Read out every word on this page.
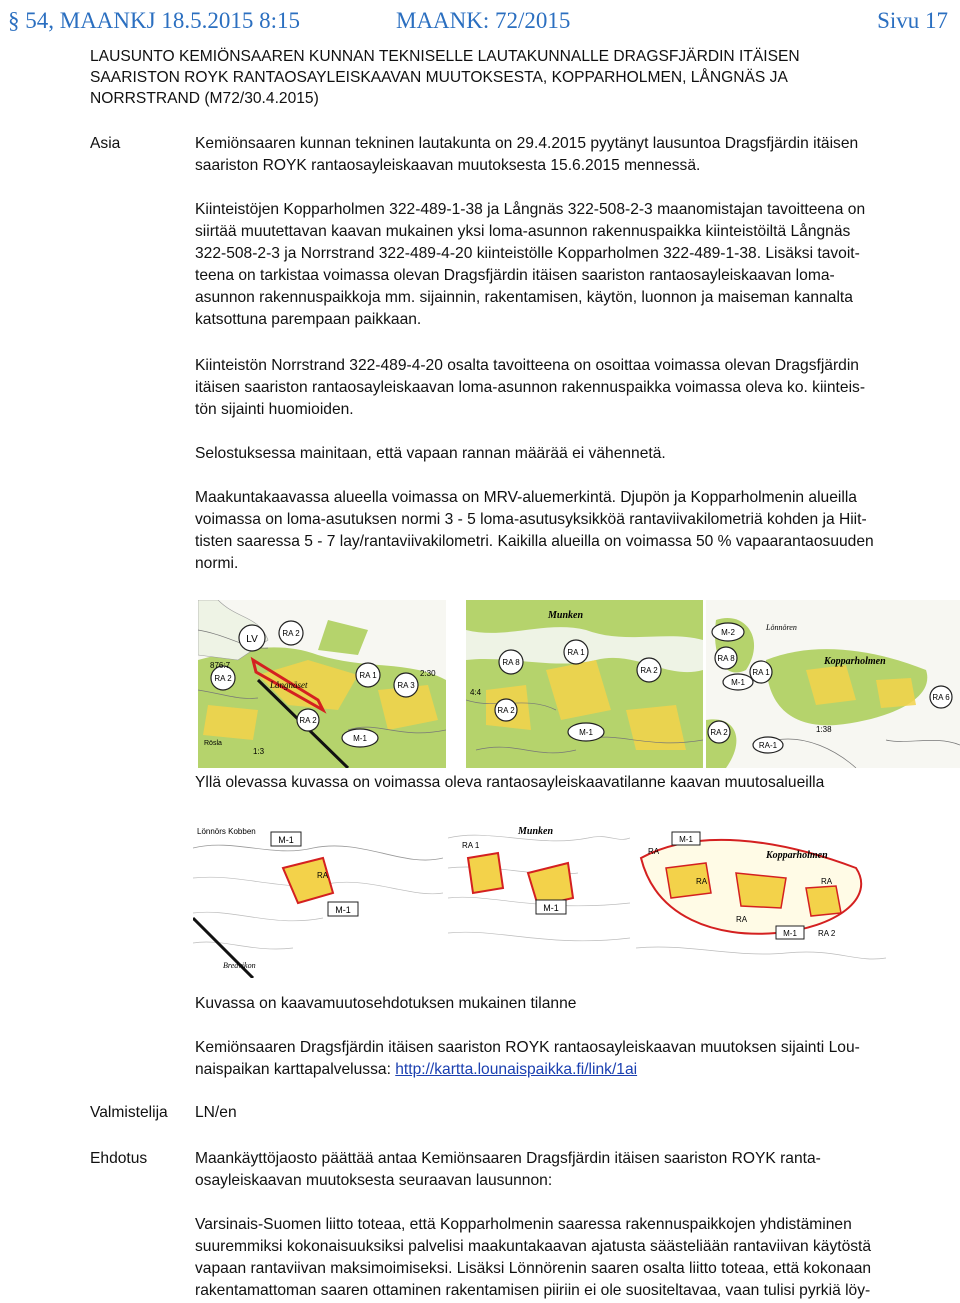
§ 54, MAANKJ 18.5.2015 8:15	MAANK: 72/2015	Sivu 17
LAUSUNTO KEMIÖNSAAREN KUNNAN TEKNISELLE LAUTAKUNNALLE DRAGSFJÄRDIN ITÄISEN
SAARISTON ROYK RANTAOSAYLEISKAAVAN MUUTOKSESTA, KOPPARHOLMEN, LÅNGNÄS JA
NORRSTRAND (M72/30.4.2015)
Asia	Kemiönsaaren kunnan tekninen lautakunta on 29.4.2015 pyytänyt lausuntoa Dragsfjärdin itäisen
saariston ROYK rantaosayleiskaavan muutoksesta 15.6.2015 mennessä.
Kiinteistöjen Kopparholmen 322-489-1-38 ja Långnäs 322-508-2-3 maanomistajan tavoitteena on
siirtää muutettavan kaavan mukainen yksi loma-asunnon rakennuspaikka kiinteistöiltä Långnäs
322-508-2-3 ja Norrstrand 322-489-4-20 kiinteistölle Kopparholmen 322-489-1-38. Lisäksi tavoit-
teena on tarkistaa voimassa olevan Dragsfjärdin itäisen saariston rantaosayleiskaavan loma-
asunnon rakennuspaikkoja mm. sijainnin, rakentamisen, käytön, luonnon ja maiseman kannalta
katsottuna parempaan paikkaan.
Kiinteistön Norrstrand 322-489-4-20 osalta tavoitteena on osoittaa voimassa olevan Dragsfjärdin
itäisen saariston rantaosayleiskaavan loma-asunnon rakennuspaikka voimassa oleva ko. kiinteis-
tön sijainti huomioiden.
Selostuksessa mainitaan, että vapaan rannan määrää ei vähennetä.
Maakuntakaavassa alueella voimassa on MRV-aluemerkintä. Djupön ja Kopparholmenin alueilla
voimassa on loma-asutuksen normi 3 - 5 loma-asutusyksikköä rantaviivakilometriä kohden ja Hiit-
tisten saaressa 5 - 7 lay/rantaviivakilometri. Kaikilla alueilla on voimassa 50 % vapaarantaosuuden
normi.
LV
RA 2
RA 1
RA 3
RA 2
RA 2
M-1
876:7
Långnäset
2:30
1:3
Rösla
Munken
RA 8
RA 1
RA 2
RA 2
M-1
4:4
M-2
Lönnören
Kopparholmen
RA 8
RA 1
M-1
RA 6
RA 2
RA-1
1:38
Yllä olevassa kuvassa on voimassa oleva rantaosayleiskaavatilanne kaavan muutosalueilla
Lönnörs Kobben
M-1
RA
M-1
Bredvikon
Munken
RA 1
M-1
M-1
RA	Kopparholmen
RA
RA
RA
M-1	RA 2
Kuvassa on kaavamuutosehdotuksen mukainen tilanne
Kemiönsaaren Dragsfjärdin itäisen saariston ROYK rantaosayleiskaavan muutoksen sijainti Lou-
naispaikan karttapalvelussa: http://kartta.lounaispaikka.fi/link/1ai
Valmistelija LN/en
Ehdotus	Maankäyttöjaosto päättää antaa Kemiönsaaren Dragsfjärdin itäisen saariston ROYK ranta-
osayleiskaavan muutoksesta seuraavan lausunnon:
Varsinais-Suomen liitto toteaa, että Kopparholmenin saaressa rakennuspaikkojen yhdistäminen
suuremmiksi kokonaisuuksiksi palvelisi maakuntakaavan ajatusta säästeliään rantaviivan käytöstä
vapaan rantaviivan maksimoimiseksi. Lisäksi Lönnörenin saaren osalta liitto toteaa, että kokonaan
rakentamattoman saaren ottaminen rakentamisen piiriin ei ole suositeltavaa, vaan tulisi pyrkiä löy-
